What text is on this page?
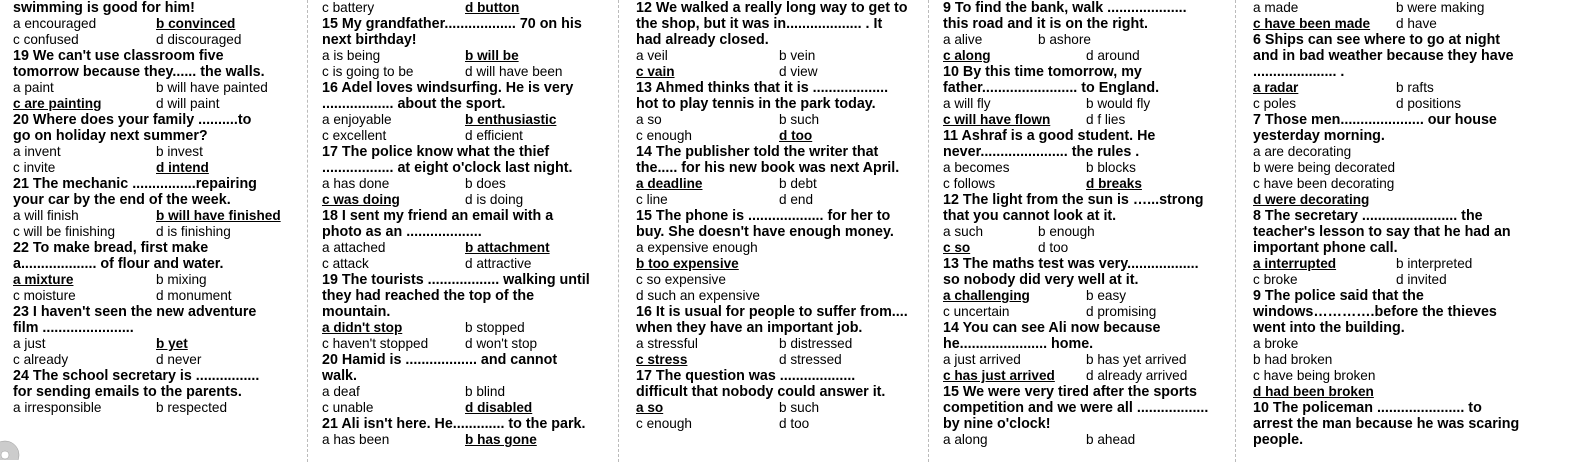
swimming is good for him!
a encouraged	b convinced
c confused	d discouraged
19 We can't use classroom five
tomorrow because they...... the walls.
a paint	b will have painted
c are painting	d will paint
20 Where does your family ..........to
go on holiday next summer?
a invent	b invest
c invite	d intend
21 The mechanic ................repairing
your car by the end of the week.
a will finish	b will have finished
c will be finishing	d is finishing
22 To make bread, first make
a................... of flour and water.
a mixture	b mixing
c moisture	d monument
23 I haven't seen the new adventure
film .......................
a just	b yet
c already	d never
24 The school secretary is ................
for sending emails to the parents.
a irresponsible	b respected
c battery	d button
15 My grandfather.................. 70 on his
next birthday!
a is being	b will be
c is going to be	d will have been
16 Adel loves windsurfing. He is very
.................. about the sport.
a enjoyable	b enthusiastic
c excellent	d efficient
17 The police know what the thief
.................. at eight o'clock last night.
a has done	b does
c was doing	d is doing
18 I sent my friend an email with a
photo as an ...................
a attached	b attachment
c attack	d attractive
19 The tourists .................. walking until
they had reached the top of the
mountain.
a didn't stop	b stopped
c haven't stopped	d won't stop
20 Hamid is .................. and cannot
walk.
a deaf	b blind
c unable	d disabled
21 Ali isn't here. He............. to the park.
a has been	b has gone
12 We walked a really long way to get to
the shop, but it was in................... . It
had already closed.
a veil	b vein
c vain	d view
13 Ahmed thinks that it is ...................
hot to play tennis in the park today.
a so	b such
c enough	d too
14 The publisher told the writer that
the..... for his new book was next April.
a deadline	b debt
c line	d end
15 The phone is ................... for her to
buy. She doesn't have enough money.
a expensive enough
b too expensive
c so expensive
d such an expensive
16 It is usual for people to suffer from....
when they have an important job.
a stressful	b distressed
c stress	d stressed
17 The question was ...................
difficult that nobody could answer it.
a so	b such
c enough	d too
9 To find the bank, walk ....................
this road and it is on the right.
a alive	b ashore
c along	d around
10 By this time tomorrow, my
father........................ to England.
a will fly	b would fly
c will have flown	d f lies
11 Ashraf is a good student. He
never...................... the rules .
a becomes	b blocks
c follows	d breaks
12 The light from the sun is …...strong
that you cannot look at it.
a such	b enough
c so	d too
13 The maths test was very..................
so nobody did very well at it.
a challenging	b easy
c uncertain	d promising
14 You can see Ali now because
he...................... home.
a just arrived	b has yet arrived
c has just arrived	d already arrived
15 We were very tired after the sports
competition and we were all ..................
by nine o'clock!
a along	b ahead
a made	b were making
c have been made	d have
6 Ships can see where to go at night
and in bad weather because they have
..................... .
a radar	b rafts
c poles	d positions
7 Those men..................... our house
yesterday morning.
a are decorating
b were being decorated
c have been decorating
d were decorating
8 The secretary ........................ the
teacher's lesson to say that he had an
important phone call.
a interrupted	b interpreted
c broke	d invited
9 The police said that the
windows………….before the thieves
went into the building.
a broke
b had broken
c have being broken
d had been broken
10 The policeman ...................... to
arrest the man because he was scaring
people.
